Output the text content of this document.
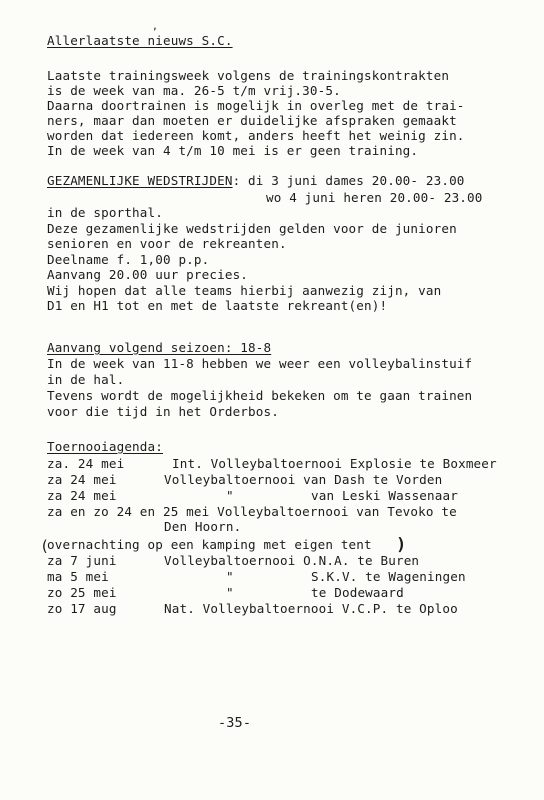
,
Allerlaatste nieuws S.C.
Laatste trainingsweek volgens de trainingskontrakten
is de week van ma. 26-5 t/m vrij.30-5.
Daarna doortrainen is mogelijk in overleg met de trai-
ners, maar dan moeten er duidelijke afspraken gemaakt
worden dat iedereen komt, anders heeft het weinig zin.
In de week van 4 t/m 10 mei is er geen training.
GEZAMENLIJKE WEDSTRIJDEN: di 3 juni dames 20.00- 23.00
wo 4 juni heren 20.00- 23.00
in de sporthal.
Deze gezamenlijke wedstrijden gelden voor de junioren
senioren en voor de rekreanten.
Deelname f. 1,00 p.p.
Aanvang 20.00 uur precies.
Wij hopen dat alle teams hierbij aanwezig zijn, van
D1 en H1 tot en met de laatste rekreant(en)!
Aanvang volgend seizoen: 18-8
In de week van 11-8 hebben we weer een volleybalinstuif
in de hal.
Tevens wordt de mogelijkheid bekeken om te gaan trainen
voor die tijd in het Orderbos.
Toernooiagenda:
za. 24 mei	Int. Volleybaltoernooi Explosie te Boxmeer
za 24 mei	Volleybaltoernooi van Dash te Vorden
za 24 mei	"          van Leski Wassenaar
za en zo 24 en 25 mei Volleybaltoernooi van Tevoko te
Den Hoorn.
(
overnachting op een kamping met eigen tent )
za 7 juni	Volleybaltoernooi O.N.A. te Buren
ma 5 mei	"          S.K.V. te Wageningen
zo 25 mei	"          te Dodewaard
zo 17 aug	Nat. Volleybaltoernooi V.C.P. te Oploo
-35-
